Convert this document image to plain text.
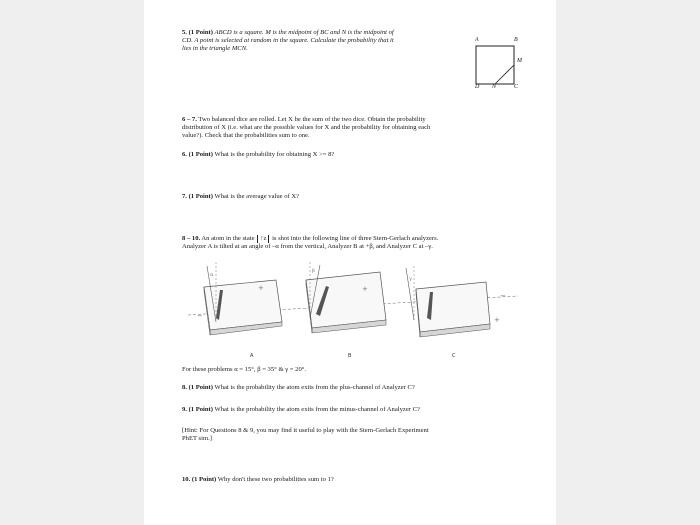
5. (1 Point) ABCD is a square. M is the midpoint of BC and N is the midpoint of

CD. A point is selected at random in the square. Calculate the probability that it

lies in the triangle MCN.

A	B
M
D N	C

6 – 7. Two balanced dice are rolled. Let X be the sum of the two dice. Obtain the probability

distribution of X (i.e. what are the possible values for X and the probability for obtaining each

value?). Check that the probabilities sum to one.

6. (1 Point) What is the probability for obtaining X >= 8?

7. (1 Point) What is the average value of X?

8 – 10. An atom in the state ↑z is shot into the following line of three Stern-Gerlach analyzers.

Analyzer A is tilted at an angle of –α from the vertical, Analyzer B at +β, and Analyzer C at –γ.

+
−
α
+
β
−
+
γ
A	B	C

For these problems α = 15°, β = 35° & γ = 20°.

8. (1 Point) What is the probability the atom exits from the plus-channel of Analyzer C?

9. (1 Point) What is the probability the atom exits from the minus-channel of Analyzer C?

[Hint: For Questions 8 & 9, you may find it useful to play with the Stern-Gerlach Experiment

PhET sim.]

10. (1 Point) Why don't these two probabilities sum to 1?
